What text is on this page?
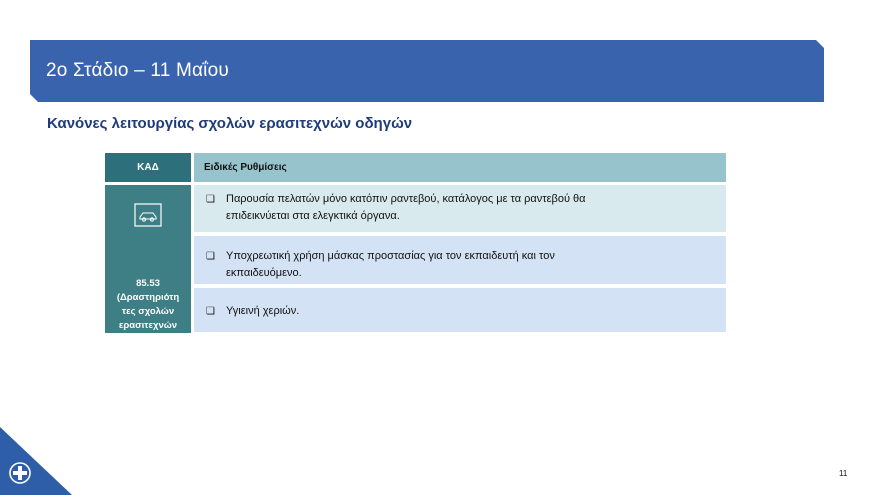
2ο Στάδιο – 11 Μαΐου
Κανόνες λειτουργίας σχολών ερασιτεχνών οδηγών
ΚΑΔ	Ειδικές Ρυθμίσεις
85.53
(Δραστηριότη
τες σχολών
ερασιτεχνών
οδηγών)
❏	Παρουσία πελατών μόνο κατόπιν ραντεβού, κατάλογος με τα ραντεβού θα
επιδεικνύεται στα ελεγκτικά όργανα.
❏	Υποχρεωτική χρήση μάσκας προστασίας για τον εκπαιδευτή και τον
εκπαιδευόμενο.
❏	Υγιεινή χεριών.
11
